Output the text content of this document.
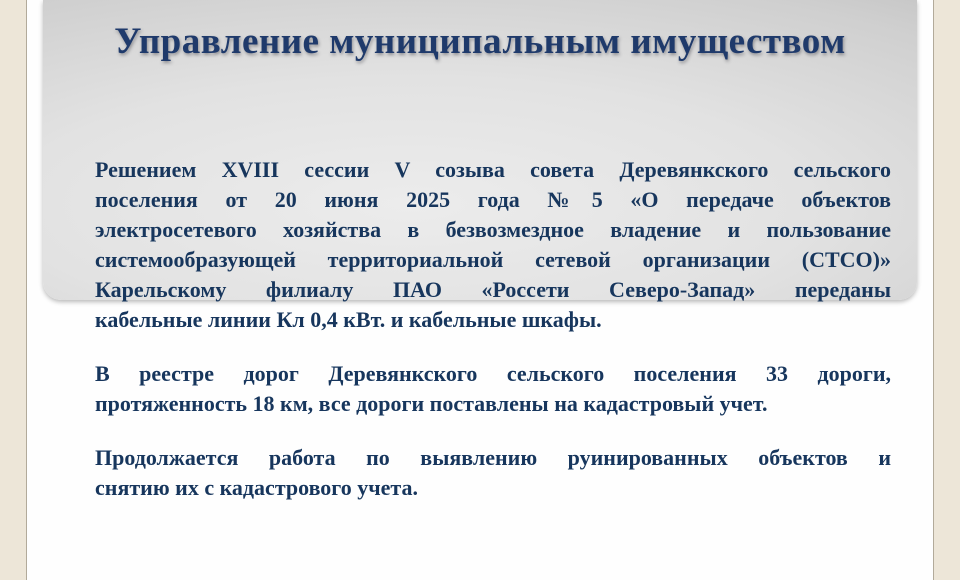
Управление муниципальным имуществом
Решением XVIII сессии V созыва совета Деревянкского сельского
поселения от 20 июня 2025 года №5 «О передаче объектов
электросетевого хозяйства в безвозмездное владение и пользование
системообразующей территориальной сетевой организации (СТСО)»
Карельскому филиалу ПАО «Россети Северо-Запад» переданы
кабельные линии Кл 0,4 кВт. и кабельные шкафы.
В реестре дорог Деревянкского сельского поселения 33 дороги,
протяженность 18 км, все дороги поставлены на кадастровый учет.
Продолжается работа по выявлению руинированных объектов и
снятию их с кадастрового учета.
